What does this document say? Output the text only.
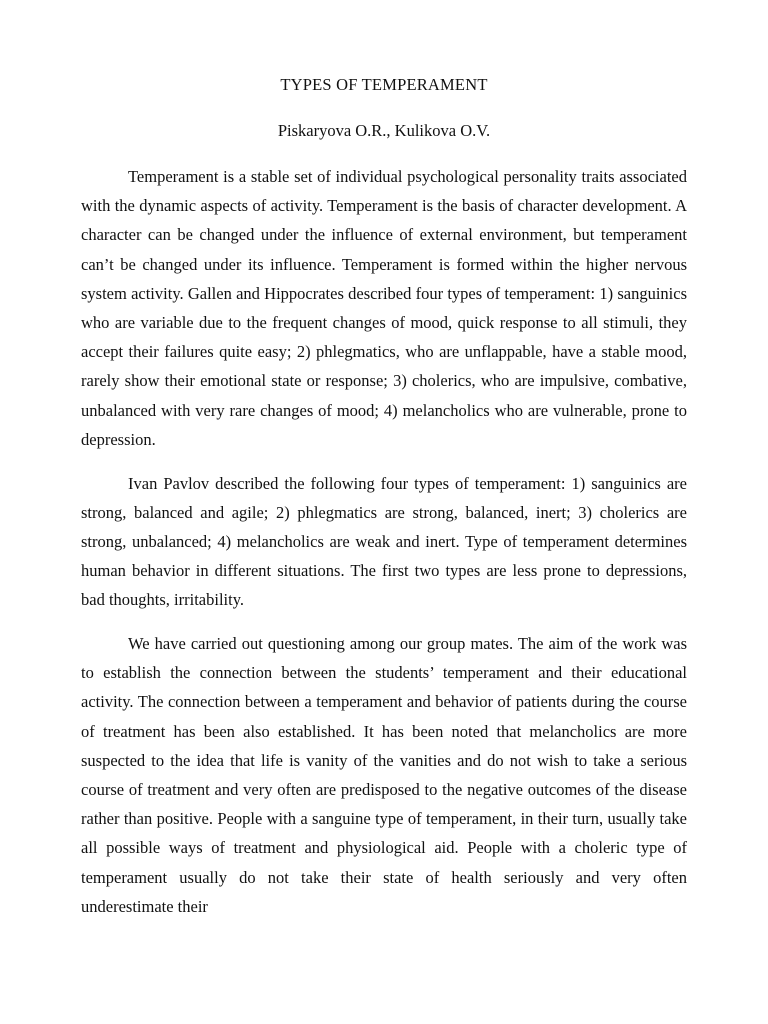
TYPES OF TEMPERAMENT
Piskaryova O.R., Kulikova O.V.

Temperament is a stable set of individual psychological personality traits associated with the dynamic aspects of activity. Temperament is the basis of character development. A character can be changed under the influence of external environment, but temperament can’t be changed under its influence. Temperament is formed within the higher nervous system activity. Gallen and Hippocrates described four types of temperament: 1) sanguinics who are variable due to the frequent changes of mood, quick response to all stimuli, they accept their failures quite easy; 2) phlegmatics, who are unflappable, have a stable mood, rarely show their emotional state or response; 3) cholerics, who are impulsive, combative, unbalanced with very rare changes of mood; 4) melancholics who are vulnerable, prone to depression.

Ivan Pavlov described the following four types of temperament: 1) sanguinics are strong, balanced and agile; 2) phlegmatics are strong, balanced, inert; 3) cholerics are strong, unbalanced; 4) melancholics are weak and inert. Type of temperament determines human behavior in different situations. The first two types are less prone to depressions, bad thoughts, irritability.

We have carried out questioning among our group mates. The aim of the work was to establish the connection between the students’ temperament and their educational activity. The connection between a temperament and behavior of patients during the course of treatment has been also established. It has been noted that melancholics are more suspected to the idea that life is vanity of the vanities and do not wish to take a serious course of treatment and very often are predisposed to the negative outcomes of the disease rather than positive. People with a sanguine type of temperament, in their turn, usually take all possible ways of treatment and physiological aid. People with a choleric type of temperament usually do not take their state of health seriously and very often underestimate their
